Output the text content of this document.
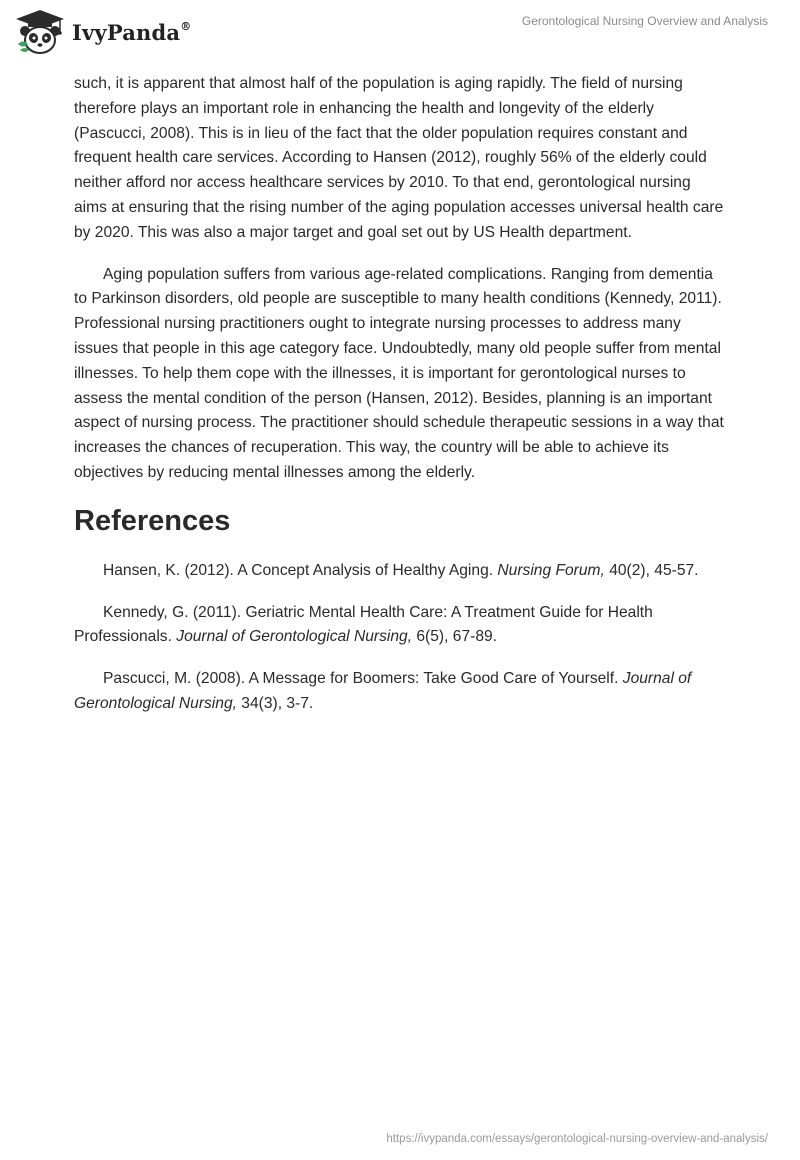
IvyPanda®	Gerontological Nursing Overview and Analysis

such, it is apparent that almost half of the population is aging rapidly. The field of nursing therefore plays an important role in enhancing the health and longevity of the elderly (Pascucci, 2008). This is in lieu of the fact that the older population requires constant and frequent health care services. According to Hansen (2012), roughly 56% of the elderly could neither afford nor access healthcare services by 2010. To that end, gerontological nursing aims at ensuring that the rising number of the aging population accesses universal health care by 2020. This was also a major target and goal set out by US Health department.

Aging population suffers from various age-related complications. Ranging from dementia to Parkinson disorders, old people are susceptible to many health conditions (Kennedy, 2011). Professional nursing practitioners ought to integrate nursing processes to address many issues that people in this age category face. Undoubtedly, many old people suffer from mental illnesses. To help them cope with the illnesses, it is important for gerontological nurses to assess the mental condition of the person (Hansen, 2012). Besides, planning is an important aspect of nursing process. The practitioner should schedule therapeutic sessions in a way that increases the chances of recuperation. This way, the country will be able to achieve its objectives by reducing mental illnesses among the elderly.

References

Hansen, K. (2012). A Concept Analysis of Healthy Aging. Nursing Forum, 40(2), 45-57.

Kennedy, G. (2011). Geriatric Mental Health Care: A Treatment Guide for Health Professionals. Journal of Gerontological Nursing, 6(5), 67-89.

Pascucci, M. (2008). A Message for Boomers: Take Good Care of Yourself. Journal of Gerontological Nursing, 34(3), 3-7.

https://ivypanda.com/essays/gerontological-nursing-overview-and-analysis/
